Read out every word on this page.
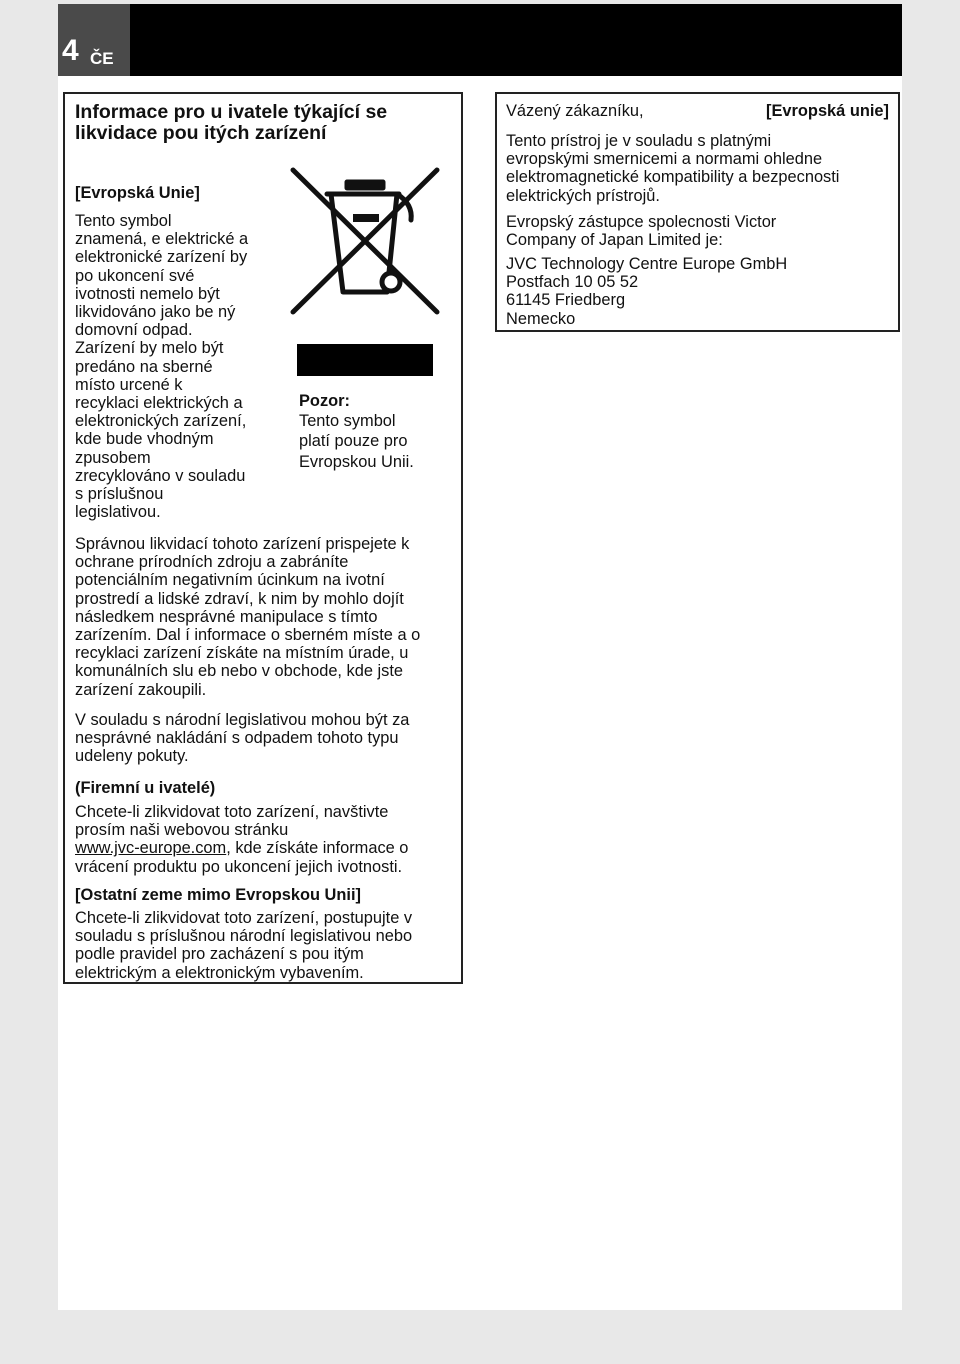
4 ČE
Informace pro u ivatele týkající se
likvidace pou itých zarízení
[Evropská Unie]
Tento symbol
znamená, e elektrické a
elektronické zarízení by
po ukoncení své
ivotnosti nemelo být
likvidováno jako be ný
domovní odpad.
Zarízení by melo být
predáno na sberné
místo urcené k
recyklaci elektrických a
elektronických zarízení,
kde bude vhodným
zpusobem
zrecyklováno v souladu
s príslušnou
legislativou.
Pozor:
Tento symbol
platí pouze pro
Evropskou Unii.
Správnou likvidací tohoto zarízení prispejete k
ochrane prírodních zdroju a zabráníte
potenciálním negativním úcinkum na ivotní
prostredí a lidské zdraví, k nim by mohlo dojít
následkem nesprávné manipulace s tímto
zarízením. Dal í informace o sberném míste a o
recyklaci zarízení získáte na místním úrade, u
komunálních slu eb nebo v obchode, kde jste
zarízení zakoupili.
V souladu s národní legislativou mohou být za
nesprávné nakládání s odpadem tohoto typu
udeleny pokuty.
(Firemní u ivatelé)
Chcete-li zlikvidovat toto zarízení, navštivte
prosím naši webovou stránku
www.jvc-europe.com, kde získáte informace o
vrácení produktu po ukoncení jejich ivotnosti.
[Ostatní zeme mimo Evropskou Unii]
Chcete-li zlikvidovat toto zarízení, postupujte v
souladu s príslušnou národní legislativou nebo
podle pravidel pro zacházení s pou itým
elektrickým a elektronickým vybavením.
Vázený zákazníku,	[Evropská unie]
Tento prístroj je v souladu s platnými
evropskými smernicemi a normami ohledne
elektromagnetické kompatibility a bezpecnosti
elektrických prístrojů.
Evropský zástupce spolecnosti Victor
Company of Japan Limited je:
JVC Technology Centre Europe GmbH
Postfach 10 05 52
61145 Friedberg
Nemecko
